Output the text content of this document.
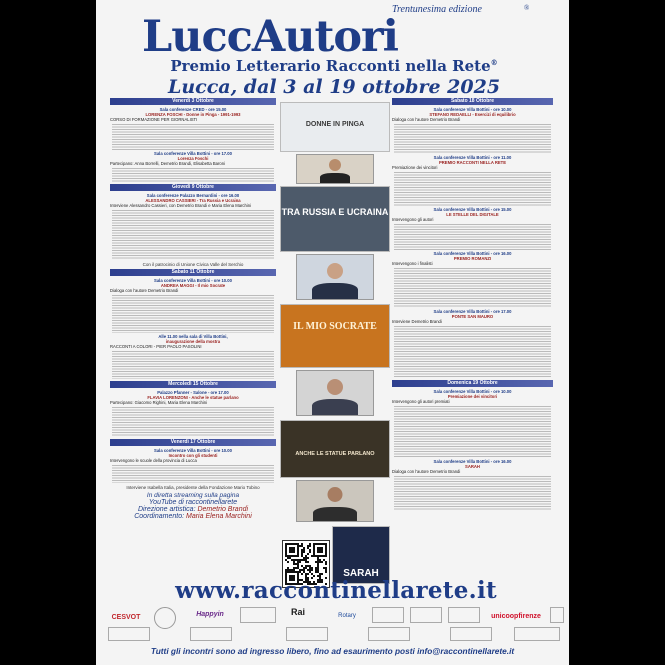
Trentunesima edizione	®
LuccAutori
Premio Letterario Racconti nella Rete®
Lucca, dal 3 al 19 ottobre 2025
Venerdì 3 Ottobre
Sala conferenze CRED - ore 15.00
LORENZA FOSCHI - Donne in Pinga - 1991-1993
CORSO DI FORMAZIONE PER GIORNALISTI
Sala conferenze Villa Bottini - ore 17.00
Lorenza Foschi
Partecipano: Anna Borrelli, Demetrio Brandi, Elisabetta Baroni
Giovedì 9 Ottobre
Sala conferenze Palazzo Bernardini - ore 16.00
ALESSANDRO CASSIERI - Tra Russia e Ucraina
Interviene Alessandro Cassieri, con Demetrio Brandi e Maria Elena Marchini
Con il patrocinio di Unione Civica Valle del Serchio
Sabato 11 Ottobre
Sala conferenze Villa Bottini - ore 10.00
ANDREA MAGGI - Il mio Socrate
Dialoga con l'autore Demetrio Brandi
Alle 11.00 nella sala di Villa Bottini,
inaugurazione della mostra
RACCONTI A COLORI - PIER PAOLO PASOLINI
Mercoledì 15 Ottobre
Palazzo Pfanner - Salone - ore 17.00
FLAVIA LORENZONI - Anche le statue parlano
Partecipano: Giacomo Righini, Maria Elena Marchini
Venerdì 17 Ottobre
Sala conferenze Villa Bottini - ore 10.00
Incontro con gli studenti
Intervengono le scuole della provincia di Lucca
Interviene Isabella Italia, presidente della Fondazione Mario Tobino
In diretta streaming sulla pagina
YouTube di raccontinellarete
Direzione artistica: Demetrio Brandi
Coordinamento: Maria Elena Marchini
DONNE IN PINGA
TRA RUSSIA E UCRAINA
IL MIO SOCRATE
ANCHE LE STATUE PARLANO
SARAH
Sabato 18 Ottobre
Sala conferenze Villa Bottini - ore 10.00
STEFANO REDAELLI - Esercizi di equilibrio
Dialoga con l'autore Demetrio Brandi
Sala conferenze Villa Bottini - ore 11.00
PREMIO RACCONTI NELLA RETE
Premiazione dei vincitori
Sala conferenze Villa Bottini - ore 15.00
LE STELLE DEL DIGITALE
Intervengono gli autori
Sala conferenze Villa Bottini - ore 16.00
PREMIO ROMANZI
Intervengono i finalisti
Sala conferenze Villa Bottini - ore 17.00
PONTE SAN MAURO
Interviene Demetrio Brandi
Domenica 19 Ottobre
Sala conferenze Villa Bottini - ore 10.00
Premiazione dei vincitori
Intervengono gli autori premiati
Sala conferenze Villa Bottini - ore 16.00
SARAH
Dialoga con l'autore Demetrio Brandi
www.raccontinellarete.it
CESVOT	Happyin	Rai	Rotary	unicoopfirenze
Tutti gli incontri sono ad ingresso libero, fino ad esaurimento posti info@raccontinellarete.it
